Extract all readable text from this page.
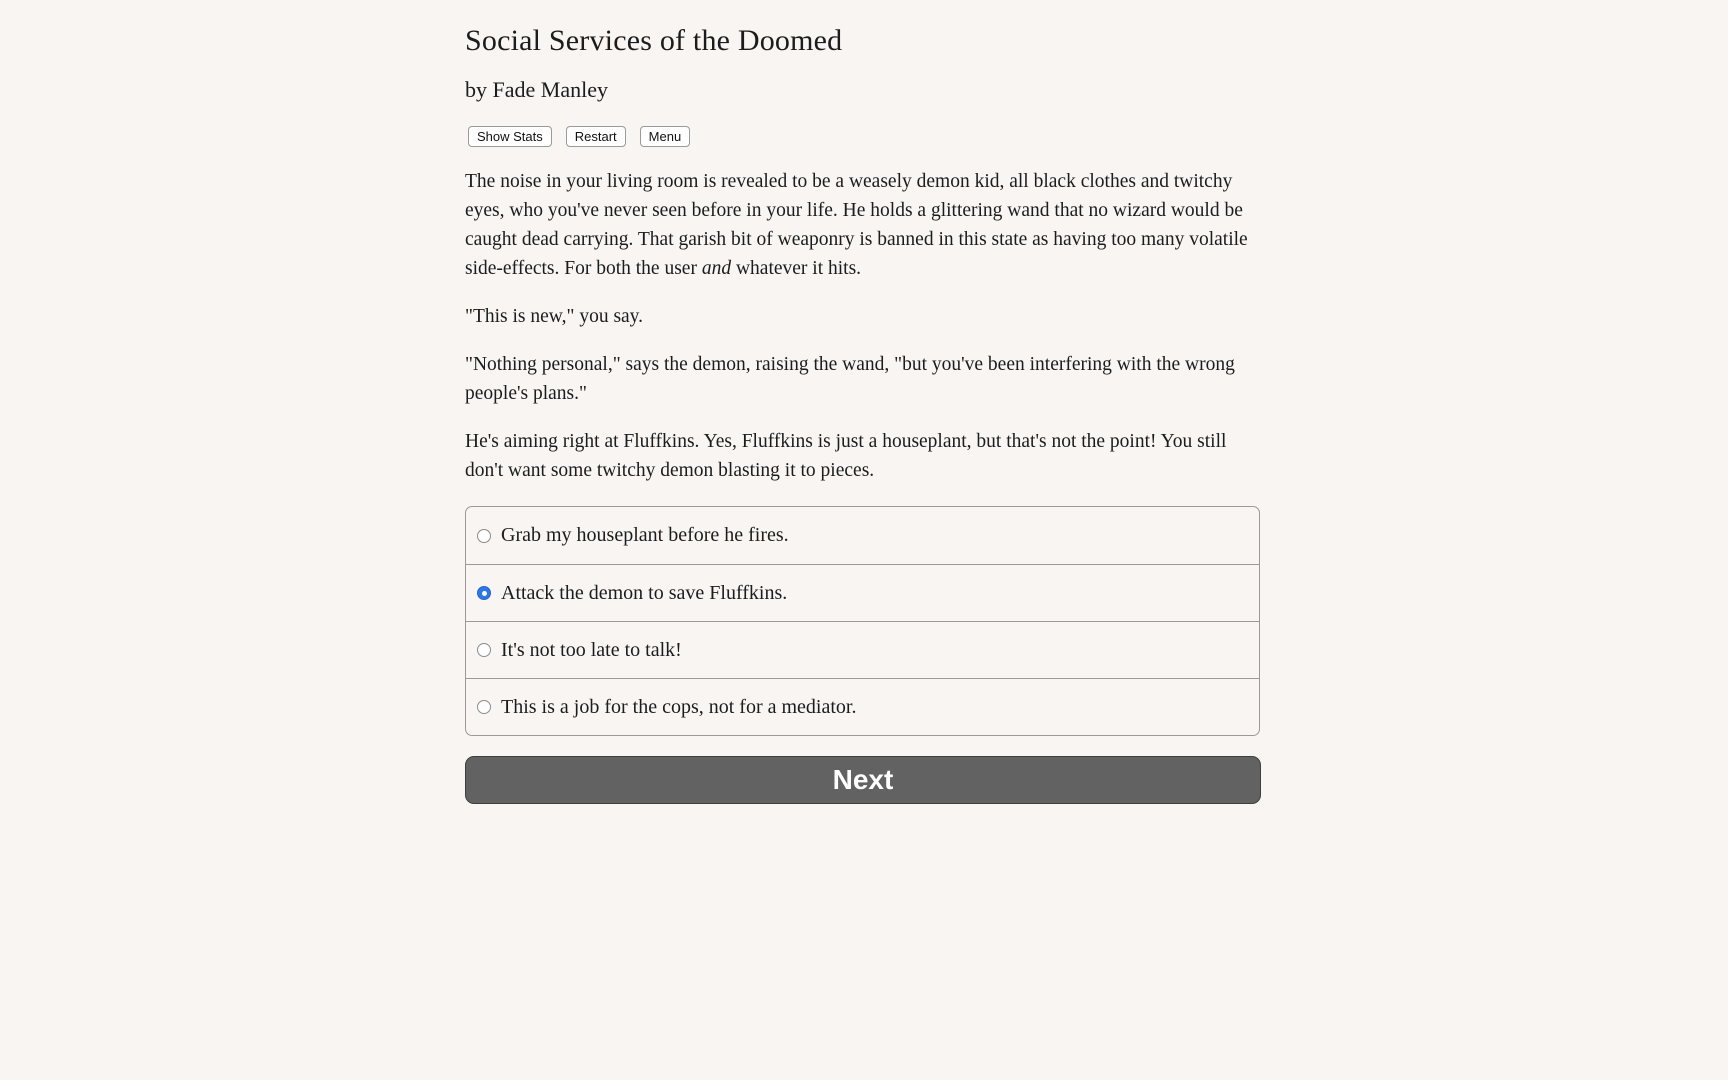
Social Services of the Doomed
by Fade Manley
Show Stats	Restart	Menu

The noise in your living room is revealed to be a weasely demon kid, all black clothes and twitchy eyes, who you've never seen before in your life. He holds a glittering wand that no wizard would be caught dead carrying. That garish bit of weaponry is banned in this state as having too many volatile side-effects. For both the user and whatever it hits.

"This is new," you say.

"Nothing personal," says the demon, raising the wand, "but you've been interfering with the wrong people's plans."

He's aiming right at Fluffkins. Yes, Fluffkins is just a houseplant, but that's not the point! You still don't want some twitchy demon blasting it to pieces.

Grab my houseplant before he fires.
Attack the demon to save Fluffkins.
It's not too late to talk!
This is a job for the cops, not for a mediator.
Next
